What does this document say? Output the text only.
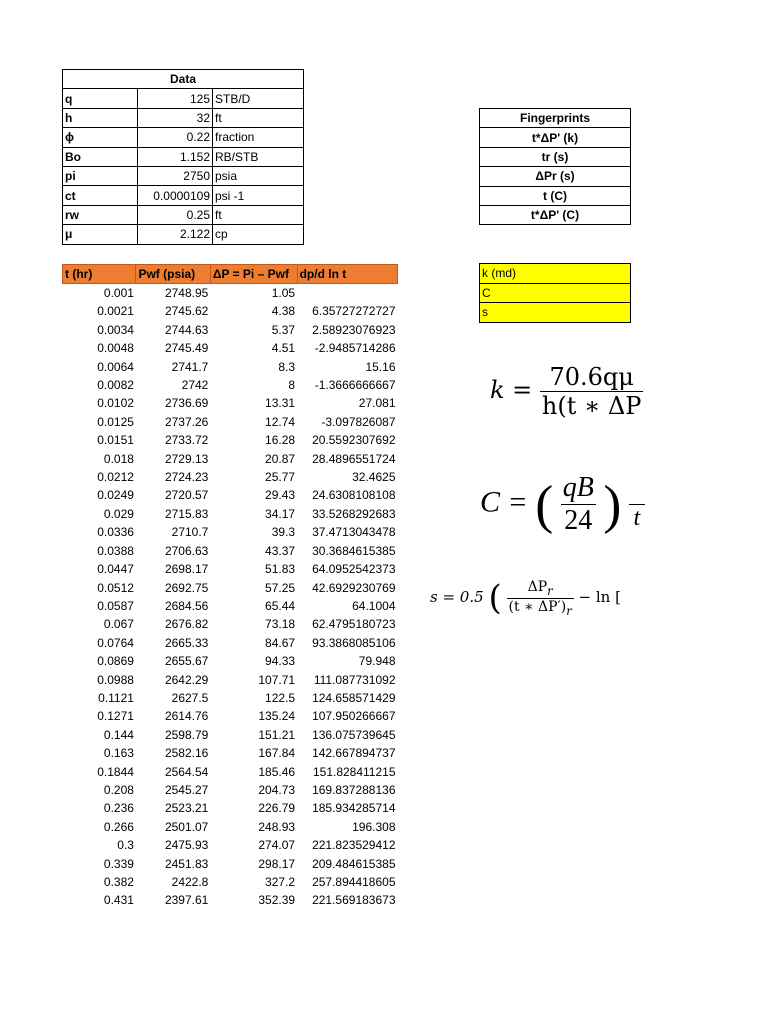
Data		
q	125	STB/D
h	32	ft
ϕ	0.22	fraction
Bo	1.152	RB/STB
pi	2750	psia
ct	0.0000109	psi -1
rw	0.25	ft
μ	2.122	cp
Fingerprints
t*ΔP' (k)
tr (s)
ΔPr (s)
t (C)
t*ΔP' (C)
k (md)
C
s
t (hr)	Pwf (psia)	ΔP = Pi – Pwf	dp/d ln t
0.001	2748.95	1.05	
0.0021	2745.62	4.38	6.35727272727
0.0034	2744.63	5.37	2.58923076923
0.0048	2745.49	4.51	-2.9485714286
0.0064	2741.7	8.3	15.16
0.0082	2742	8	-1.3666666667
0.0102	2736.69	13.31	27.081
0.0125	2737.26	12.74	-3.097826087
0.0151	2733.72	16.28	20.5592307692
0.018	2729.13	20.87	28.4896551724
0.0212	2724.23	25.77	32.4625
0.0249	2720.57	29.43	24.6308108108
0.029	2715.83	34.17	33.5268292683
0.0336	2710.7	39.3	37.4713043478
0.0388	2706.63	43.37	30.3684615385
0.0447	2698.17	51.83	64.0952542373
0.0512	2692.75	57.25	42.6929230769
0.0587	2684.56	65.44	64.1004
0.067	2676.82	73.18	62.4795180723
0.0764	2665.33	84.67	93.3868085106
0.0869	2655.67	94.33	79.948
0.0988	2642.29	107.71	111.087731092
0.1121	2627.5	122.5	124.658571429
0.1271	2614.76	135.24	107.950266667
0.144	2598.79	151.21	136.075739645
0.163	2582.16	167.84	142.667894737
0.1844	2564.54	185.46	151.828411215
0.208	2545.27	204.73	169.837288136
0.236	2523.21	226.79	185.934285714
0.266	2501.07	248.93	196.308
0.3	2475.93	274.07	221.823529412
0.339	2451.83	298.17	209.484615385
0.382	2422.8	327.2	257.894418605
0.431	2397.61	352.39	221.569183673
$k = \frac{70.6q\mu}{h(t ∗ \Delta P}$
C = ( $\frac{qB}{24}$ )
t
s = 0.5 ( $\frac{\Delta P_r}{(t ∗ \Delta P')_r} - \ln$ [
